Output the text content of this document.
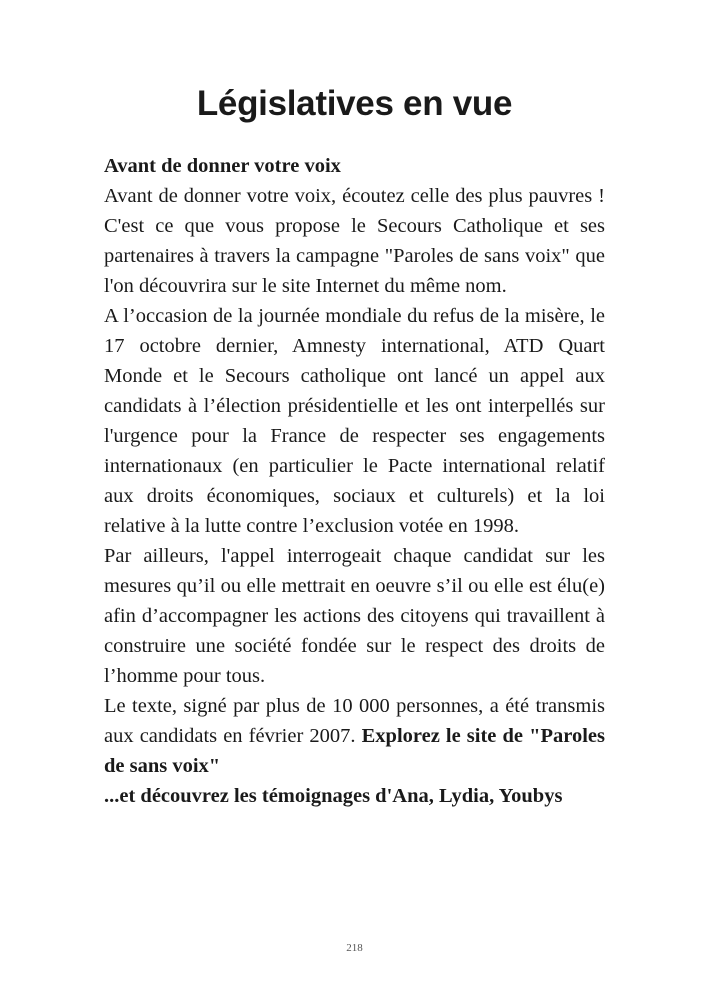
Législatives en vue

Avant de donner votre voix

Avant de donner votre voix, écoutez celle des plus pauvres ! C'est ce que vous propose le Secours Catholique et ses partenaires à travers la campagne "Paroles de sans voix" que l'on découvrira sur le site Internet du même nom.

A l’occasion de la journée mondiale du refus de la misère, le 17 octobre dernier, Amnesty international, ATD Quart Monde et le Secours catholique ont lancé un appel aux candidats à l’élection présidentielle et les ont interpellés sur l'urgence pour la France de respecter ses engagements internationaux (en particulier le Pacte international relatif aux droits économiques, sociaux et culturels) et la loi relative à la lutte contre l’exclusion votée en 1998.

Par ailleurs, l'appel interrogeait chaque candidat sur les mesures qu’il ou elle mettrait en oeuvre s’il ou elle est élu(e) afin d’accompagner les actions des citoyens qui travaillent à construire une société fondée sur le respect des droits de l’homme pour tous.

Le texte, signé par plus de 10 000 personnes, a été transmis aux candidats en février 2007. Explorez le site de "Paroles de sans voix"

...et découvrez les témoignages d'Ana, Lydia, Youbys

218
